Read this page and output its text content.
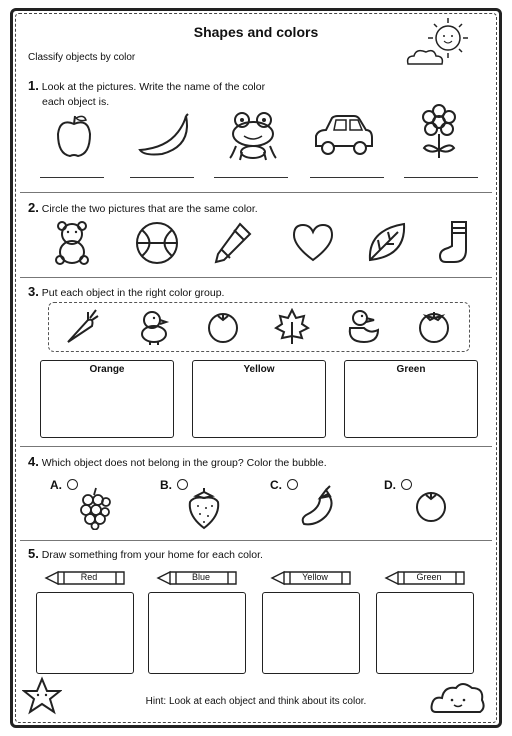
Shapes and colors
Classify objects by color
1. Look at the pictures. Write the name of the color
each object is.
2. Circle the two pictures that are the same color.
3. Put each object in the right color group.
Orange	Yellow	Green
4. Which object does not belong in the group? Color the bubble.
A.	B.	C.	D.
5. Draw something from your home for each color.
Red	Blue	Yellow	Green
Hint: Look at each object and think about its color.
